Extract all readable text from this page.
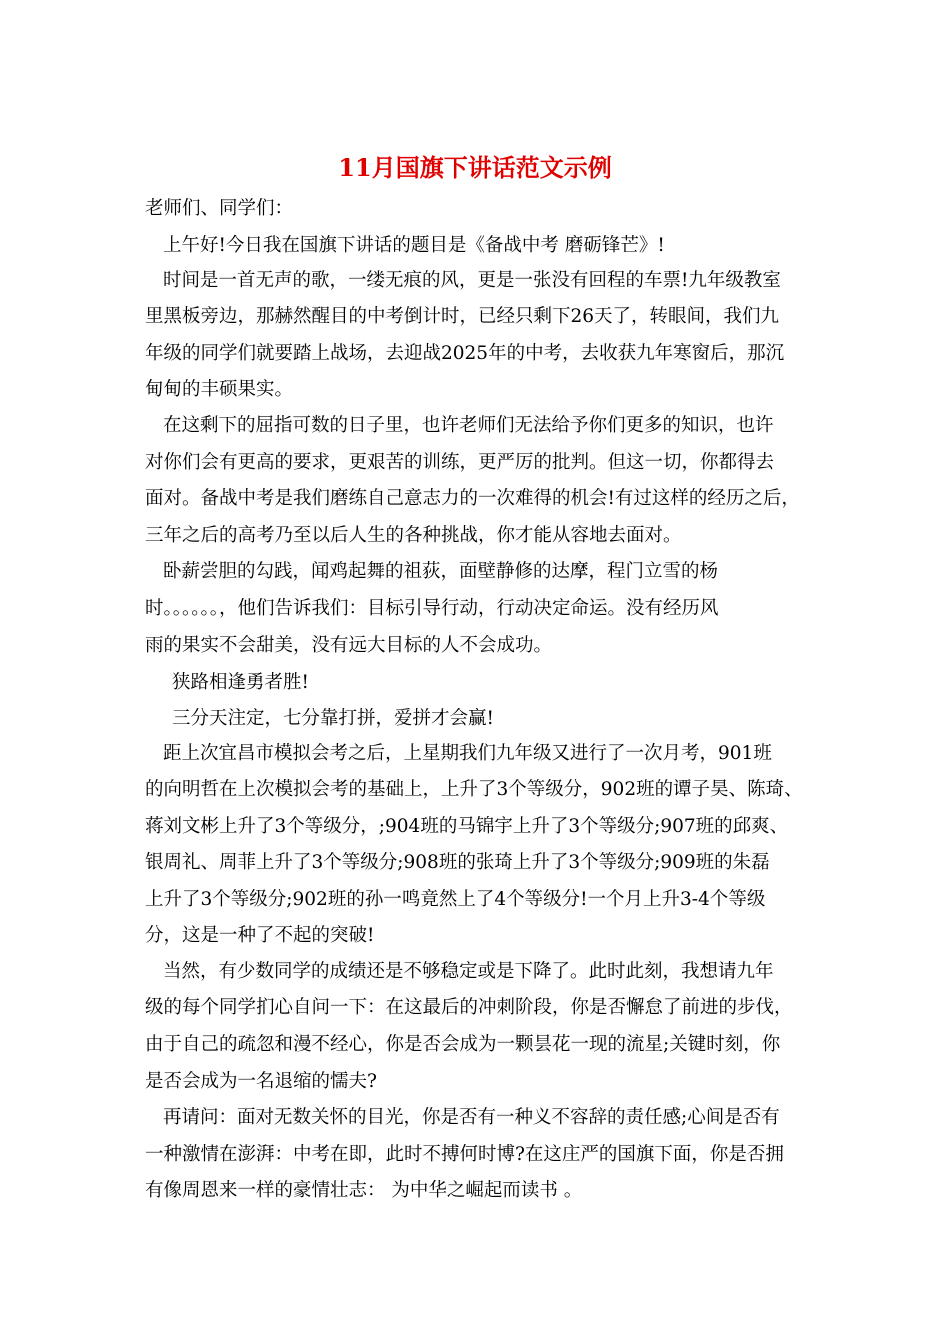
11月国旗下讲话范文示例
老师们、同学们：
上午好!今日我在国旗下讲话的题目是《备战中考 磨砺锋芒》!
时间是一首无声的歌，一缕无痕的风，更是一张没有回程的车票!九年级教室
里黑板旁边，那赫然醒目的中考倒计时，已经只剩下26天了，转眼间，我们九
年级的同学们就要踏上战场，去迎战2025年的中考，去收获九年寒窗后，那沉
甸甸的丰硕果实。
在这剩下的屈指可数的日子里，也许老师们无法给予你们更多的知识，也许
对你们会有更高的要求，更艰苦的训练，更严厉的批判。但这一切，你都得去
面对。备战中考是我们磨练自己意志力的一次难得的机会!有过这样的经历之后，
三年之后的高考乃至以后人生的各种挑战，你才能从容地去面对。
卧薪尝胆的勾践，闻鸡起舞的祖荻，面壁静修的达摩，程门立雪的杨
时。。。。。。，他们告诉我们：目标引导行动，行动决定命运。没有经历风
雨的果实不会甜美，没有远大目标的人不会成功。
狭路相逢勇者胜!
三分天注定，七分靠打拼，爱拼才会赢!
距上次宜昌市模拟会考之后，上星期我们九年级又进行了一次月考，901班
的向明哲在上次模拟会考的基础上，上升了3个等级分，902班的谭子昊、陈琦、
蒋刘文彬上升了3个等级分，;904班的马锦宇上升了3个等级分;907班的邱爽、
银周礼、周菲上升了3个等级分;908班的张琦上升了3个等级分;909班的朱磊
上升了3个等级分;902班的孙一鸣竟然上了4个等级分!一个月上升3-4个等级
分，这是一种了不起的突破!
当然，有少数同学的成绩还是不够稳定或是下降了。此时此刻，我想请九年
级的每个同学扪心自问一下：在这最后的冲刺阶段，你是否懈怠了前进的步伐，
由于自己的疏忽和漫不经心，你是否会成为一颗昙花一现的流星;关键时刻，你
是否会成为一名退缩的懦夫?
再请问：面对无数关怀的目光，你是否有一种义不容辞的责任感;心间是否有
一种激情在澎湃：中考在即，此时不搏何时博?在这庄严的国旗下面，你是否拥
有像周恩来一样的豪情壮志： 为中华之崛起而读书 。
